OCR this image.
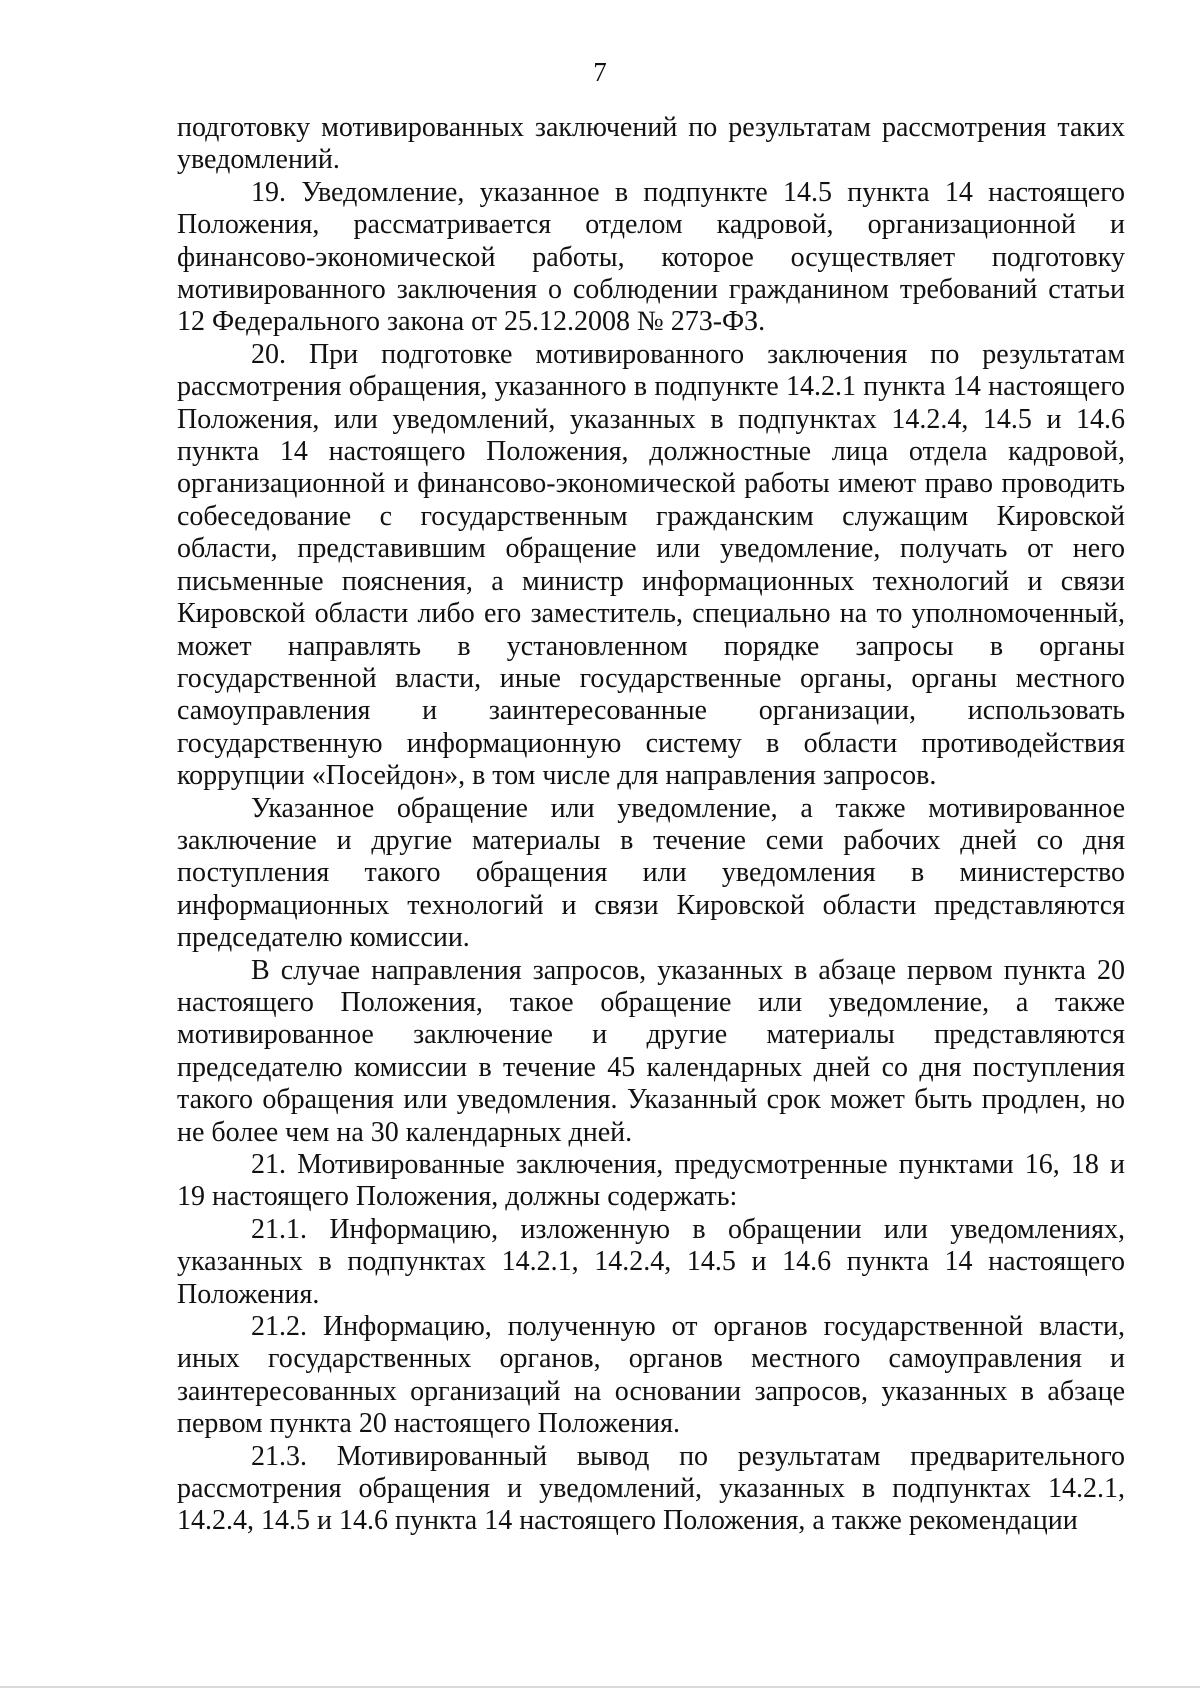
7

подготовку мотивированных заключений по результатам рассмотрения таких уведомлений.

19. Уведомление, указанное в подпункте 14.5 пункта 14 настоящего Положения, рассматривается отделом кадровой, организационной и финансово-экономической работы, которое осуществляет подготовку мотивированного заключения о соблюдении гражданином требований статьи 12 Федерального закона от 25.12.2008 № 273-ФЗ.

20. При подготовке мотивированного заключения по результатам рассмотрения обращения, указанного в подпункте 14.2.1 пункта 14 настоящего Положения, или уведомлений, указанных в подпунктах 14.2.4, 14.5 и 14.6 пункта 14 настоящего Положения, должностные лица отдела кадровой, организационной и финансово-экономической работы имеют право проводить собеседование с государственным гражданским служащим Кировской области, представившим обращение или уведомление, получать от него письменные пояснения, а министр информационных технологий и связи Кировской области либо его заместитель, специально на то уполномоченный, может направлять в установленном порядке запросы в органы государственной власти, иные государственные органы, органы местного самоуправления и заинтересованные организации, использовать государственную информационную систему в области противодействия коррупции «Посейдон», в том числе для направления запросов.

Указанное обращение или уведомление, а также мотивированное заключение и другие материалы в течение семи рабочих дней со дня поступления такого обращения или уведомления в министерство информационных технологий и связи Кировской области представляются председателю комиссии.

В случае направления запросов, указанных в абзаце первом пункта 20 настоящего Положения, такое обращение или уведомление, а также мотивированное заключение и другие материалы представляются председателю комиссии в течение 45 календарных дней со дня поступления такого обращения или уведомления. Указанный срок может быть продлен, но не более чем на 30 календарных дней.

21. Мотивированные заключения, предусмотренные пунктами 16, 18 и 19 настоящего Положения, должны содержать:

21.1. Информацию, изложенную в обращении или уведомлениях, указанных в подпунктах 14.2.1, 14.2.4, 14.5 и 14.6 пункта 14 настоящего Положения.

21.2. Информацию, полученную от органов государственной власти, иных государственных органов, органов местного самоуправления и заинтересованных организаций на основании запросов, указанных в абзаце первом пункта 20 настоящего Положения.

21.3. Мотивированный вывод по результатам предварительного рассмотрения обращения и уведомлений, указанных в подпунктах 14.2.1, 14.2.4, 14.5 и 14.6 пункта 14 настоящего Положения, а также рекомендации
